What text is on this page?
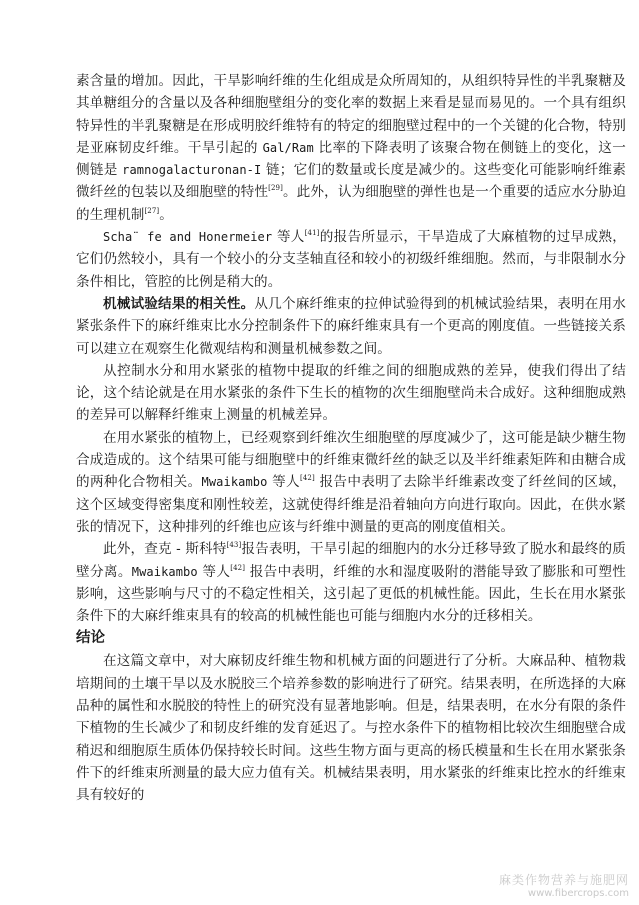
素含量的增加。因此，干旱影响纤维的生化组成是众所周知的，从组织特异性的半乳聚糖及其单糖组分的含量以及各种细胞壁组分的变化率的数据上来看是显而易见的。一个具有组织特异性的半乳聚糖是在形成明胶纤维特有的特定的细胞壁过程中的一个关键的化合物，特别是亚麻韧皮纤维。干旱引起的 Gal/Ram 比率的下降表明了该聚合物在侧链上的变化，这一侧链是 ramnogalacturonan-I 链；它们的数量或长度是减少的。这些变化可能影响纤维素微纤丝的包装以及细胞壁的特性[29]。此外，认为细胞壁的弹性也是一个重要的适应水分胁迫的生理机制[27]。

Scha¨ fe and Honermeier 等人[41]的报告所显示，干旱造成了大麻植物的过早成熟，它们仍然较小，具有一个较小的分支茎轴直径和较小的初级纤维细胞。然而，与非限制水分条件相比，管腔的比例是稍大的。

机械试验结果的相关性。从几个麻纤维束的拉伸试验得到的机械试验结果，表明在用水紧张条件下的麻纤维束比水分控制条件下的麻纤维束具有一个更高的刚度值。一些链接关系可以建立在观察生化微观结构和测量机械参数之间。

从控制水分和用水紧张的植物中提取的纤维之间的细胞成熟的差异，使我们得出了结论，这个结论就是在用水紧张的条件下生长的植物的次生细胞壁尚未合成好。这种细胞成熟的差异可以解释纤维束上测量的机械差异。

在用水紧张的植物上，已经观察到纤维次生细胞壁的厚度减少了，这可能是缺少糖生物合成造成的。这个结果可能与细胞壁中的纤维束微纤丝的缺乏以及半纤维素矩阵和由糖合成的两种化合物相关。Mwaikambo 等人[42] 报告中表明了去除半纤维素改变了纤丝间的区域，这个区域变得密集度和刚性较差，这就使得纤维是沿着轴向方向进行取向。因此，在供水紧张的情况下，这种排列的纤维也应该与纤维中测量的更高的刚度值相关。

此外，查克 - 斯科特[43]报告表明，干旱引起的细胞内的水分迁移导致了脱水和最终的质壁分离。Mwaikambo 等人[42] 报告中表明，纤维的水和湿度吸附的潜能导致了膨胀和可塑性影响，这些影响与尺寸的不稳定性相关，这引起了更低的机械性能。因此，生长在用水紧张条件下的大麻纤维束具有的较高的机械性能也可能与细胞内水分的迁移相关。

结论

在这篇文章中，对大麻韧皮纤维生物和机械方面的问题进行了分析。大麻品种、植物栽培期间的土壤干旱以及水脱胶三个培养参数的影响进行了研究。结果表明，在所选择的大麻品种的属性和水脱胶的特性上的研究没有显著地影响。但是，结果表明，在水分有限的条件下植物的生长减少了和韧皮纤维的发育延迟了。与控水条件下的植物相比较次生细胞壁合成稍迟和细胞原生质体仍保持较长时间。这些生物方面与更高的杨氏模量和生长在用水紧张条件下的纤维束所测量的最大应力值有关。机械结果表明，用水紧张的纤维束比控水的纤维束具有较好的

麻类作物营养与施肥网
www.fibercrops.com
